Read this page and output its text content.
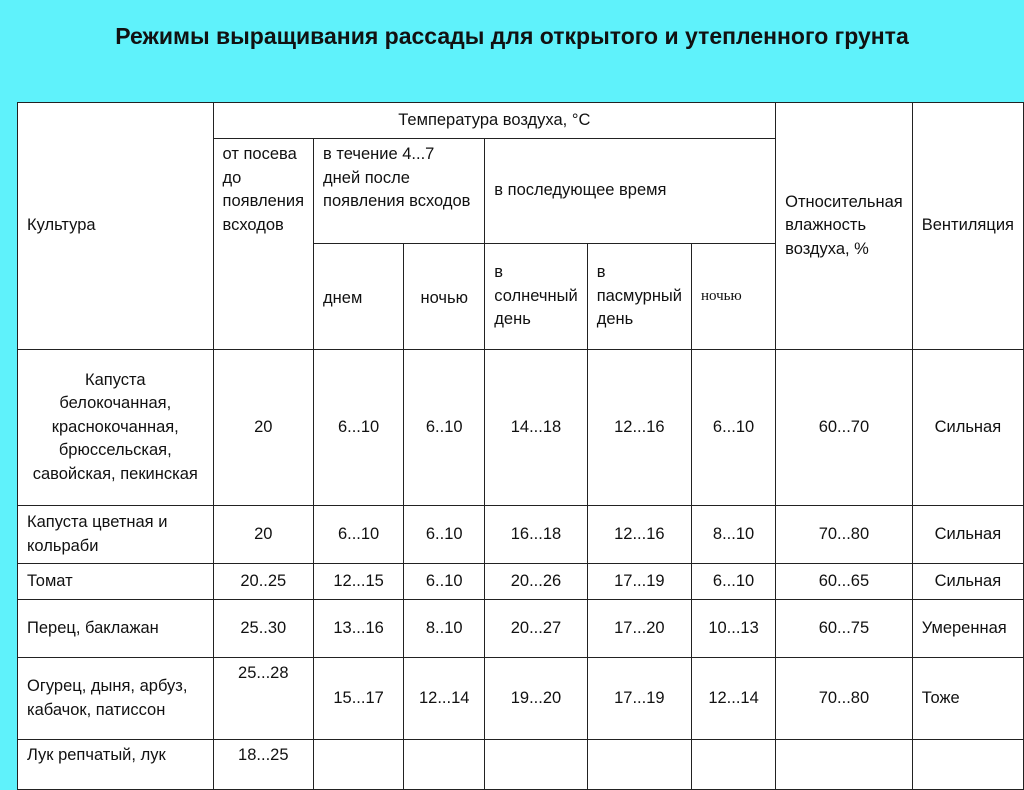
Режимы выращивания рассады для открытого и утепленного грунта
Культура	Температура воздуха, °С						Относительная влажность воздуха, %	Вентиляция
	от посева до появления всходов	в течение 4...7 дней после появления всходов		в последующее время				
		днем	ночью	в солнечный день	в пасмурный день	ночью		
Капуста белокочанная, краснокочанная, брюссельская, савойская, пекинская	20	6...10	6..10	14...18	12...16	6...10	60...70	Сильная
Капуста цветная и кольраби	20	6...10	6..10	16...18	12...16	8...10	70...80	Сильная
Томат	20..25	12...15	6..10	20...26	17...19	6...10	60...65	Сильная
Перец, баклажан	25..30	13...16	8..10	20...27	17...20	10...13	60...75	Умеренная
Огурец, дыня, арбуз, кабачок, патиссон	25...28	15...17	12...14	19...20	17...19	12...14	70...80	Тоже
Лук репчатый, лук	18...25							
